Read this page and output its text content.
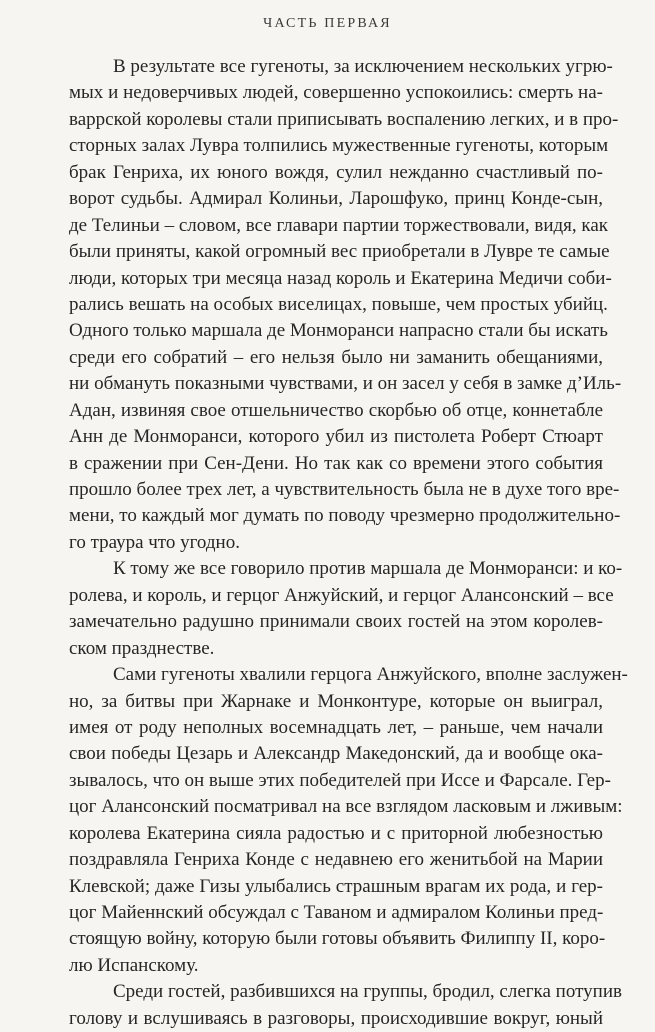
ЧАСТЬ ПЕРВАЯ
В результате все гугеноты, за исключением нескольких угрю-
мых и недоверчивых людей, совершенно успокоились: смерть на-
варрской королевы стали приписывать воспалению легких, и в про-
сторных залах Лувра толпились мужественные гугеноты, которым
брак Генриха, их юного вождя, сулил нежданно счастливый по-
ворот судьбы. Адмирал Колиньи, Ларошфуко, принц Конде-сын,
де Телиньи – словом, все главари партии торжествовали, видя, как
были приняты, какой огромный вес приобретали в Лувре те самые
люди, которых три месяца назад король и Екатерина Медичи соби-
рались вешать на особых виселицах, повыше, чем простых убийц.
Одного только маршала де Монморанси напрасно стали бы искать
среди его собратий – его нельзя было ни заманить обещаниями,
ни обмануть показными чувствами, и он засел у себя в замке д’Иль-
Адан, извиняя свое отшельничество скорбью об отце, коннетабле
Анн де Монморанси, которого убил из пистолета Роберт Стюарт
в сражении при Сен-Дени. Но так как со времени этого события
прошло более трех лет, а чувствительность была не в духе того вре-
мени, то каждый мог думать по поводу чрезмерно продолжительно-
го траура что угодно.
К тому же все говорило против маршала де Монморанси: и ко-
ролева, и король, и герцог Анжуйский, и герцог Алансонский – все
замечательно радушно принимали своих гостей на этом королев-
ском празднестве.
Сами гугеноты хвалили герцога Анжуйского, вполне заслужен-
но, за битвы при Жарнаке и Монконтуре, которые он выиграл,
имея от роду неполных восемнадцать лет, – раньше, чем начали
свои победы Цезарь и Александр Македонский, да и вообще ока-
зывалось, что он выше этих победителей при Иссе и Фарсале. Гер-
цог Алансонский посматривал на все взглядом ласковым и лживым:
королева Екатерина сияла радостью и с приторной любезностью
поздравляла Генриха Конде с недавнею его женитьбой на Марии
Клевской; даже Гизы улыбались страшным врагам их рода, и гер-
цог Майеннский обсуждал с Таваном и адмиралом Колиньи пред-
стоящую войну, которую были готовы объявить Филиппу II, коро-
лю Испанскому.
Среди гостей, разбившихся на группы, бродил, слегка потупив
голову и вслушиваясь в разговоры, происходившие вокруг, юный
